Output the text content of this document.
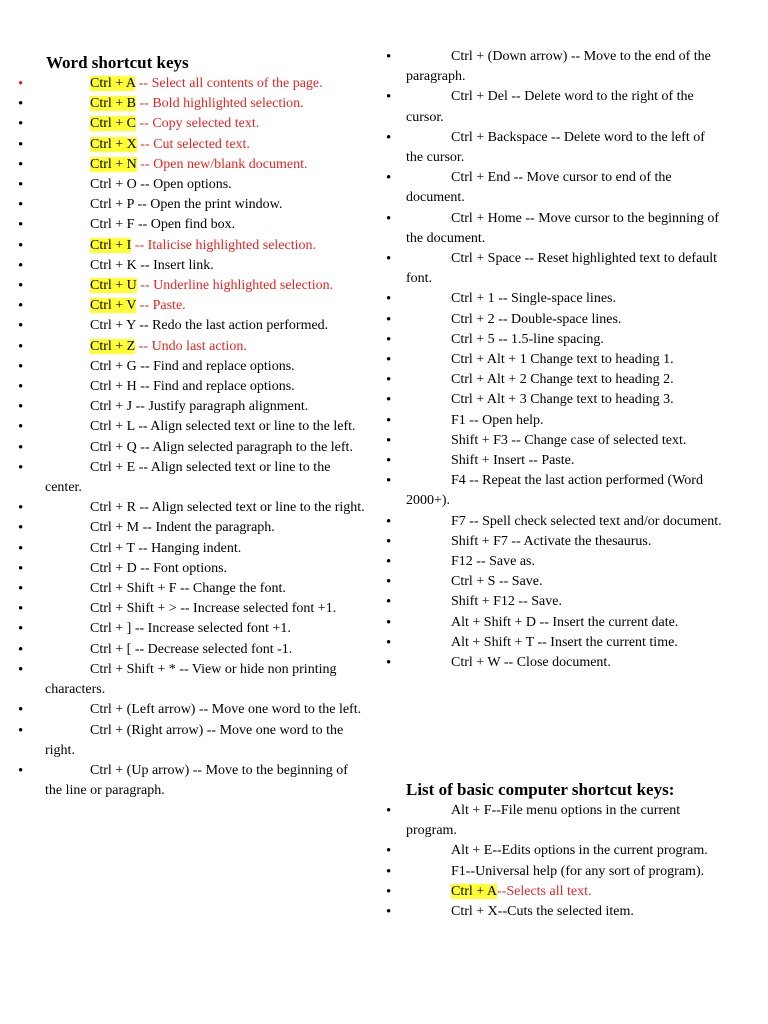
Word shortcut keys
•	Ctrl + A -- Select all contents of the page.
•	Ctrl + B -- Bold highlighted selection.
•	Ctrl + C -- Copy selected text.
•	Ctrl + X -- Cut selected text.
•	Ctrl + N -- Open new/blank document.
•	Ctrl + O -- Open options.
•	Ctrl + P -- Open the print window.
•	Ctrl + F -- Open find box.
•	Ctrl + I -- Italicise highlighted selection.
•	Ctrl + K -- Insert link.
•	Ctrl + U -- Underline highlighted selection.
•	Ctrl + V -- Paste.
•	Ctrl + Y -- Redo the last action performed.
•	Ctrl + Z -- Undo last action.
•	Ctrl + G -- Find and replace options.
•	Ctrl + H -- Find and replace options.
•	Ctrl + J -- Justify paragraph alignment.
•	Ctrl + L -- Align selected text or line to the left.
•	Ctrl + Q -- Align selected paragraph to the left.
•	Ctrl + E -- Align selected text or line to the center.
•	Ctrl + R -- Align selected text or line to the right.
•	Ctrl + M -- Indent the paragraph.
•	Ctrl + T -- Hanging indent.
•	Ctrl + D -- Font options.
•	Ctrl + Shift + F -- Change the font.
•	Ctrl + Shift + > -- Increase selected font +1.
•	Ctrl + ] -- Increase selected font +1.
•	Ctrl + [ -- Decrease selected font -1.
•	Ctrl + Shift + * -- View or hide non printing characters.
•	Ctrl + (Left arrow) -- Move one word to the left.
•	Ctrl + (Right arrow) -- Move one word to the right.
•	Ctrl + (Up arrow) -- Move to the beginning of the line or paragraph.
•	Ctrl + (Down arrow) -- Move to the end of the paragraph.
•	Ctrl + Del -- Delete word to the right of the cursor.
•	Ctrl + Backspace -- Delete word to the left of the cursor.
•	Ctrl + End -- Move cursor to end of the document.
•	Ctrl + Home -- Move cursor to the beginning of the document.
•	Ctrl + Space -- Reset highlighted text to default font.
•	Ctrl + 1 -- Single-space lines.
•	Ctrl + 2 -- Double-space lines.
•	Ctrl + 5 -- 1.5-line spacing.
•	Ctrl + Alt + 1 Change text to heading 1.
•	Ctrl + Alt + 2 Change text to heading 2.
•	Ctrl + Alt + 3 Change text to heading 3.
•	F1 -- Open help.
•	Shift + F3 -- Change case of selected text.
•	Shift + Insert -- Paste.
•	F4 -- Repeat the last action performed (Word 2000+).
•	F7 -- Spell check selected text and/or document.
•	Shift + F7 -- Activate the thesaurus.
•	F12 -- Save as.
•	Ctrl + S -- Save.
•	Shift + F12 -- Save.
•	Alt + Shift + D -- Insert the current date.
•	Alt + Shift + T -- Insert the current time.
•	Ctrl + W -- Close document.
List of basic computer shortcut keys:
•	Alt + F--File menu options in the current program.
•	Alt + E--Edits options in the current program.
•	F1--Universal help (for any sort of program).
•	Ctrl + A--Selects all text.
•	Ctrl + X--Cuts the selected item.
